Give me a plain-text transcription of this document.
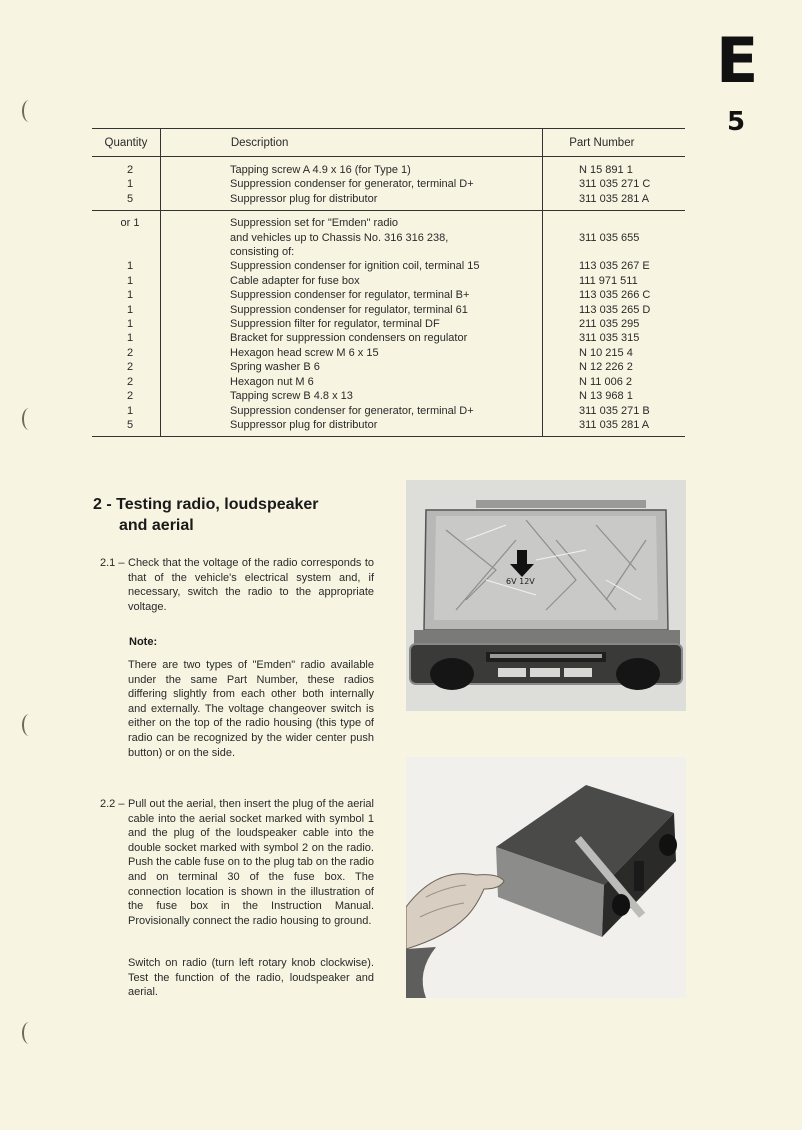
E
5
Quantity	Description	Part Number
2	Tapping screw A 4.9 x 16 (for Type 1)	N 15 891 1
1	Suppression condenser for generator, terminal D+	311 035 271 C
5	Suppressor plug for distributor	311 035 281 A
or 1	Suppression set for "Emden" radio
and vehicles up to Chassis No. 316 316 238,	311 035 655
consisting of:
1	Suppression condenser for ignition coil, terminal 15	113 035 267 E
1	Cable adapter for fuse box	111 971 511
1	Suppression condenser for regulator, terminal B+	113 035 266 C
1	Suppression condenser for regulator, terminal 61	113 035 265 D
1	Suppression filter for regulator, terminal DF	211 035 295
1	Bracket for suppression condensers on regulator	311 035 315
2	Hexagon head screw M 6 x 15	N 10 215 4
2	Spring washer B 6	N 12 226 2
2	Hexagon nut M 6	N 11 006 2
2	Tapping screw B 4.8 x 13	N 13 968 1
1	Suppression condenser for generator, terminal D+	311 035 271 B
5	Suppressor plug for distributor	311 035 281 A
2 - Testing radio, loudspeaker
and aerial
2.1 – Check that the voltage of the radio corresponds to that of the vehicle's electrical system and, if necessary, switch the radio to the appropriate voltage.
Note:
There are two types of "Emden" radio available under the same Part Number, these radios differing slightly from each other both internally and externally. The voltage changeover switch is either on the top of the radio housing (this type of radio can be recognized by the wider center push button) or on the side.
2.2 – Pull out the aerial, then insert the plug of the aerial cable into the aerial socket marked with symbol 1 and the plug of the loudspeaker cable into the double socket marked with symbol 2 on the radio. Push the cable fuse on to the plug tab on the radio and on terminal 30 of the fuse box. The connection location is shown in the illustration of the fuse box in the Instruction Manual. Provisionally connect the radio housing to ground.
Switch on radio (turn left rotary knob clockwise). Test the function of the radio, loudspeaker and aerial.
6V 12V
